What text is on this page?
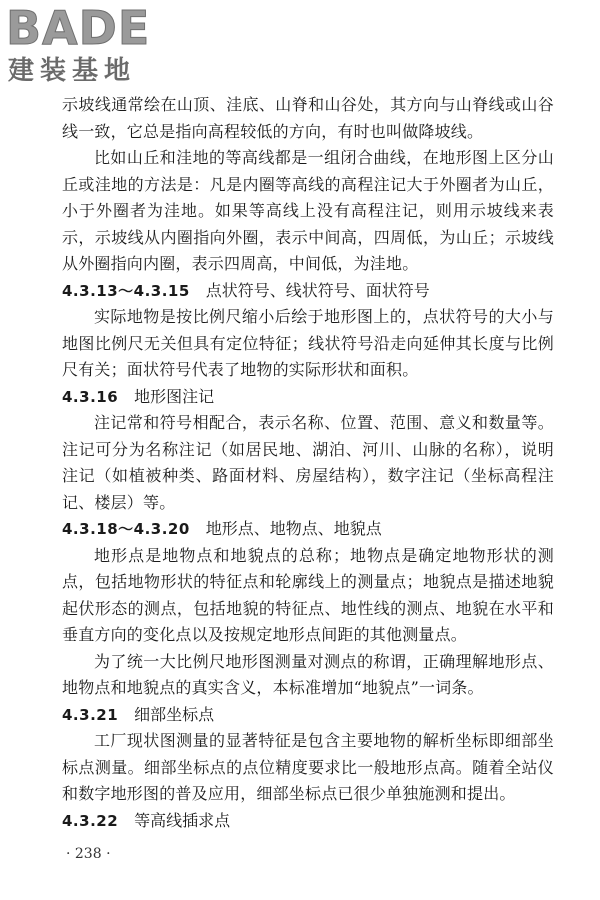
BADE
建装基地

示坡线通常绘在山顶、洼底、山脊和山谷处，其方向与山脊线或山谷线一致，它总是指向高程较低的方向，有时也叫做降坡线。

比如山丘和洼地的等高线都是一组闭合曲线，在地形图上区分山丘或洼地的方法是：凡是内圈等高线的高程注记大于外圈者为山丘，小于外圈者为洼地。如果等高线上没有高程注记，则用示坡线来表示，示坡线从内圈指向外圈，表示中间高，四周低，为山丘；示坡线从外圈指向内圈，表示四周高，中间低，为洼地。

4.3.13～4.3.15 点状符号、线状符号、面状符号

实际地物是按比例尺缩小后绘于地形图上的，点状符号的大小与地图比例尺无关但具有定位特征；线状符号沿走向延伸其长度与比例尺有关；面状符号代表了地物的实际形状和面积。

4.3.16 地形图注记

注记常和符号相配合，表示名称、位置、范围、意义和数量等。注记可分为名称注记（如居民地、湖泊、河川、山脉的名称），说明注记（如植被种类、路面材料、房屋结构），数字注记（坐标高程注记、楼层）等。

4.3.18～4.3.20 地形点、地物点、地貌点

地形点是地物点和地貌点的总称；地物点是确定地物形状的测点，包括地物形状的特征点和轮廓线上的测量点；地貌点是描述地貌起伏形态的测点，包括地貌的特征点、地性线的测点、地貌在水平和垂直方向的变化点以及按规定地形点间距的其他测量点。

为了统一大比例尺地形图测量对测点的称谓，正确理解地形点、地物点和地貌点的真实含义，本标准增加“地貌点”一词条。

4.3.21 细部坐标点

工厂现状图测量的显著特征是包含主要地物的解析坐标即细部坐标点测量。细部坐标点的点位精度要求比一般地形点高。随着全站仪和数字地形图的普及应用，细部坐标点已很少单独施测和提出。

4.3.22 等高线插求点

· 238 ·
